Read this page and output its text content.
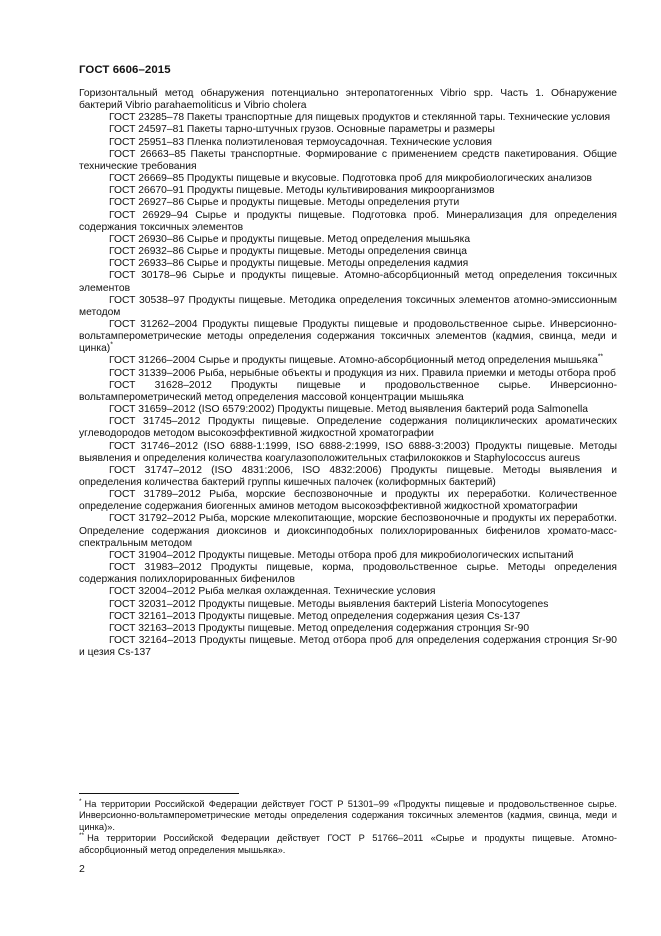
ГОСТ 6606–2015

Горизонтальный метод обнаружения потенциально энтеропатогенных Vibrio spp. Часть 1. Обнаружение бактерий Vibrio parahaemoliticus и Vibrio cholera

ГОСТ 23285–78 Пакеты транспортные для пищевых продуктов и стеклянной тары. Технические условия

ГОСТ 24597–81 Пакеты тарно-штучных грузов. Основные параметры и размеры

ГОСТ 25951–83 Пленка полиэтиленовая термоусадочная. Технические условия

ГОСТ 26663–85 Пакеты транспортные. Формирование с применением средств пакетирования. Общие технические требования

ГОСТ 26669–85 Продукты пищевые и вкусовые. Подготовка проб для микробиологических анализов

ГОСТ 26670–91 Продукты пищевые. Методы культивирования микроорганизмов

ГОСТ 26927–86 Сырье и продукты пищевые. Методы определения ртути

ГОСТ 26929–94 Сырье и продукты пищевые. Подготовка проб. Минерализация для определения содержания токсичных элементов

ГОСТ 26930–86 Сырье и продукты пищевые. Метод определения мышьяка

ГОСТ 26932–86 Сырье и продукты пищевые. Методы определения свинца

ГОСТ 26933–86 Сырье и продукты пищевые. Методы определения кадмия

ГОСТ 30178–96 Сырье и продукты пищевые. Атомно-абсорбционный метод определения токсичных элементов

ГОСТ 30538–97 Продукты пищевые. Методика определения токсичных элементов атомно-эмиссионным методом

ГОСТ 31262–2004 Продукты пищевые Продукты пищевые и продовольственное сырье. Инверсионно-вольтамперометрические методы определения содержания токсичных элементов (кадмия, свинца, меди и цинка)*

ГОСТ 31266–2004 Сырье и продукты пищевые. Атомно-абсорбционный метод определения мышьяка**

ГОСТ 31339–2006 Рыба, нерыбные объекты и продукция из них. Правила приемки и методы отбора проб

ГОСТ 31628–2012 Продукты пищевые и продовольственное сырье. Инверсионно-вольтамперометрический метод определения массовой концентрации мышьяка

ГОСТ 31659–2012 (ISO 6579:2002) Продукты пищевые. Метод выявления бактерий рода Salmonella

ГОСТ 31745–2012 Продукты пищевые. Определение содержания полициклических ароматических углеводородов методом высокоэффективной жидкостной хроматографии

ГОСТ 31746–2012 (ISO 6888-1:1999, ISO 6888-2:1999, ISO 6888-3:2003) Продукты пищевые. Методы выявления и определения количества коагулазоположительных стафилококков и Staphylococcus aureus

ГОСТ 31747–2012 (ISO 4831:2006, ISO 4832:2006) Продукты пищевые. Методы выявления и определения количества бактерий группы кишечных палочек (колиформных бактерий)

ГОСТ 31789–2012 Рыба, морские беспозвоночные и продукты их переработки. Количественное определение содержания биогенных аминов методом высокоэффективной жидкостной хроматографии

ГОСТ 31792–2012 Рыба, морские млекопитающие, морские беспозвоночные и продукты их переработки. Определение содержания диоксинов и диоксинподобных полихлорированных бифенилов хромато-масс-спектральным методом

ГОСТ 31904–2012 Продукты пищевые. Методы отбора проб для микробиологических испытаний

ГОСТ 31983–2012 Продукты пищевые, корма, продовольственное сырье. Методы определения содержания полихлорированных бифенилов

ГОСТ 32004–2012 Рыба мелкая охлажденная. Технические условия

ГОСТ 32031–2012 Продукты пищевые. Методы выявления бактерий Listeria Monocytogenes

ГОСТ 32161–2013 Продукты пищевые. Метод определения содержания цезия Cs-137

ГОСТ 32163–2013 Продукты пищевые. Метод определения содержания стронция Sr-90

ГОСТ 32164–2013 Продукты пищевые. Метод отбора проб для определения содержания стронция Sr-90 и цезия Cs-137

* На территории Российской Федерации действует ГОСТ Р 51301–99 «Продукты пищевые и продовольственное сырье. Инверсионно-вольтамперометрические методы определения содержания токсичных элементов (кадмия, свинца, меди и цинка)».

** На территории Российской Федерации действует ГОСТ Р 51766–2011 «Сырье и продукты пищевые. Атомно-абсорбционный метод определения мышьяка».

2
